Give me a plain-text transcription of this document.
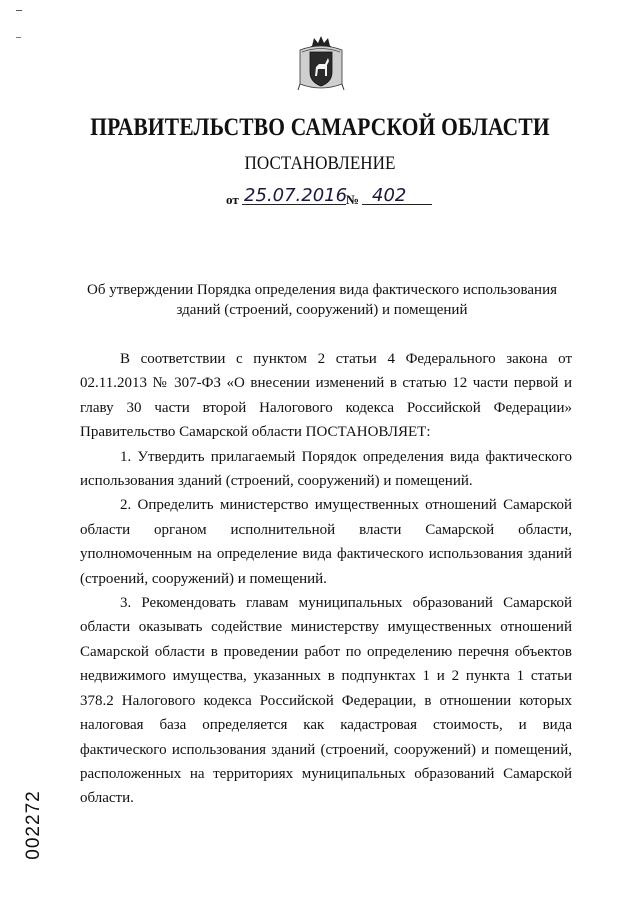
ПРАВИТЕЛЬСТВО САМАРСКОЙ ОБЛАСТИ
ПОСТАНОВЛЕНИЕ
от 25.07.2016
№ 402
Об утверждении Порядка определения вида фактического использования
зданий (строений, сооружений) и помещений

В соответствии с пунктом 2 статьи 4 Федерального закона от 02.11.2013 № 307-ФЗ «О внесении изменений в статью 12 части первой и главу 30 части второй Налогового кодекса Российской Федерации» Правительство Самарской области ПОСТАНОВЛЯЕТ:

1. Утвердить прилагаемый Порядок определения вида фактического использования зданий (строений, сооружений) и помещений.

2. Определить министерство имущественных отношений Самарской области органом исполнительной власти Самарской области, уполномоченным на определение вида фактического использования зданий (строений, сооружений) и помещений.

3. Рекомендовать главам муниципальных образований Самарской области оказывать содействие министерству имущественных отношений Самарской области в проведении работ по определению перечня объектов недвижимого имущества, указанных в подпунктах 1 и 2 пункта 1 статьи 378.2 Налогового кодекса Российской Федерации, в отношении которых налоговая база определяется как кадастровая стоимость, и вида фактического использования зданий (строений, сооружений) и помещений, расположенных на территориях муниципальных образований Самарской области.

002272
